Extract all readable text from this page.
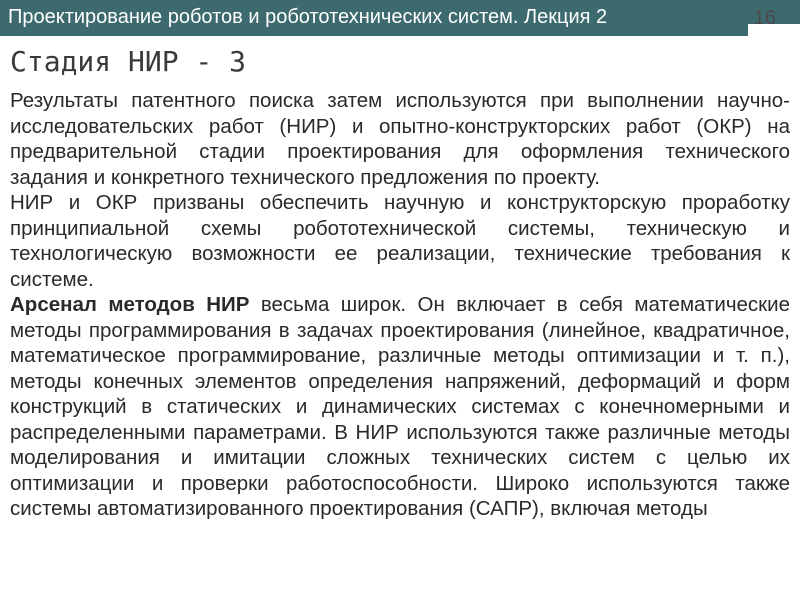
Проектирование роботов и робототехнических систем. Лекция 2	16
Стадия НИР - 3

Результаты патентного поиска затем используются при выполнении научно-исследовательских работ (НИР) и опытно-конструкторских работ (ОКР) на предварительной стадии проектирования для оформления технического задания и конкретного технического предложения по проекту.

НИР и ОКР призваны обеспечить научную и конструкторскую проработку принципиальной схемы робототехнической системы, техническую и технологическую возможности ее реализации, технические требования к системе.

Арсенал методов НИР весьма широк. Он включает в себя математические методы программирования в задачах проектирования (линейное, квадратичное, математическое программирование, различные методы оптимизации и т. п.), методы конечных элементов определения напряжений, деформаций и форм конструкций в статических и динамических системах с конечномерными и распределенными параметрами. В НИР используются также различные методы моделирования и имитации сложных технических систем с целью их оптимизации и проверки работоспособности. Широко используются также системы автоматизированного проектирования (САПР), включая методы
